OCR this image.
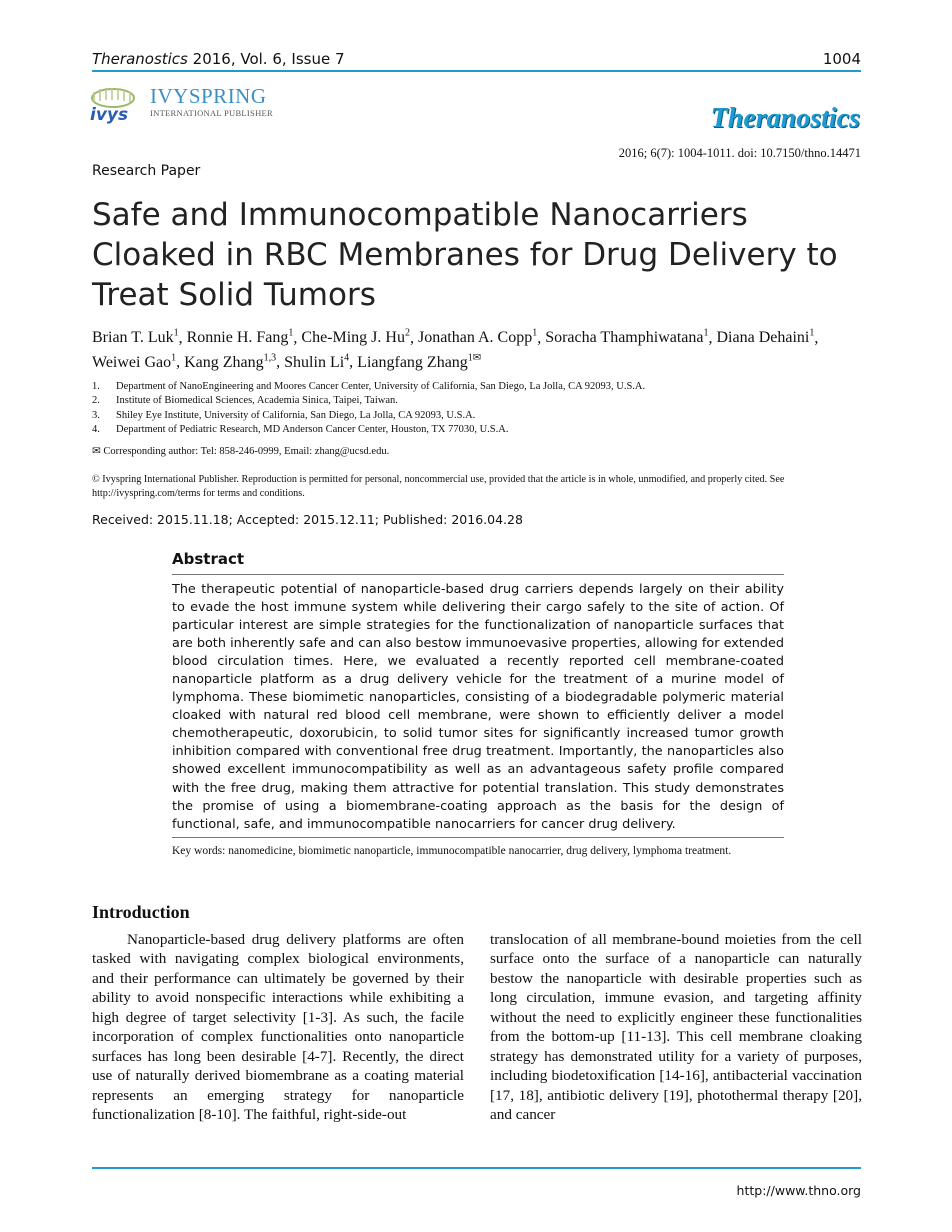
Theranostics 2016, Vol. 6, Issue 7	1004
ivys
IVYSPRING
INTERNATIONAL PUBLISHER	Theranostics
2016; 6(7): 1004-1011. doi: 10.7150/thno.14471
Research Paper
Safe and Immunocompatible Nanocarriers Cloaked in RBC Membranes for Drug Delivery to Treat Solid Tumors
Brian T. Luk$^1$, Ronnie H. Fang$^1$, Che-Ming J. Hu$^2$, Jonathan A. Copp$^1$, Soracha Thamphiwatana$^1$, Diana Dehaini$^1$, Weiwei Gao$^1$, Kang Zhang$^{1,3}$, Shulin Li$^4$, Liangfang Zhang$^{1✉}$
1.	Department of NanoEngineering and Moores Cancer Center, University of California, San Diego, La Jolla, CA 92093, U.S.A.
2.	Institute of Biomedical Sciences, Academia Sinica, Taipei, Taiwan.
3.	Shiley Eye Institute, University of California, San Diego, La Jolla, CA 92093, U.S.A.
4.	Department of Pediatric Research, MD Anderson Cancer Center, Houston, TX 77030, U.S.A.
✉ Corresponding author: Tel: 858-246-0999, Email: zhang@ucsd.edu.
© Ivyspring International Publisher. Reproduction is permitted for personal, noncommercial use, provided that the article is in whole, unmodified, and properly cited. See http://ivyspring.com/terms for terms and conditions.
Received: 2015.11.18; Accepted: 2015.12.11; Published: 2016.04.28
Abstract

The therapeutic potential of nanoparticle-based drug carriers depends largely on their ability to evade the host immune system while delivering their cargo safely to the site of action. Of particular interest are simple strategies for the functionalization of nanoparticle surfaces that are both inherently safe and can also bestow immunoevasive properties, allowing for extended blood circulation times. Here, we evaluated a recently reported cell membrane-coated nanoparticle platform as a drug delivery vehicle for the treatment of a murine model of lymphoma. These biomimetic nanoparticles, consisting of a biodegradable polymeric material cloaked with natural red blood cell membrane, were shown to efficiently deliver a model chemotherapeutic, doxorubicin, to solid tumor sites for significantly increased tumor growth inhibition compared with conventional free drug treatment. Importantly, the nanoparticles also showed excellent immunocompatibility as well as an advantageous safety profile compared with the free drug, making them attractive for potential translation. This study demonstrates the promise of using a biomembrane-coating approach as the basis for the design of functional, safe, and immunocompatible nanocarriers for cancer drug delivery.

Key words: nanomedicine, biomimetic nanoparticle, immunocompatible nanocarrier, drug delivery, lymphoma treatment.
Introduction

Nanoparticle-based drug delivery platforms are often tasked with navigating complex biological environments, and their performance can ultimately be governed by their ability to avoid nonspecific interactions while exhibiting a high degree of target selectivity [1-3]. As such, the facile incorporation of complex functionalities onto nanoparticle surfaces has long been desirable [4-7]. Recently, the direct use of naturally derived biomembrane as a coating material represents an emerging strategy for nanoparticle functionalization [8-10]. The faithful, right-side-out

translocation of all membrane-bound moieties from the cell surface onto the surface of a nanoparticle can naturally bestow the nanoparticle with desirable properties such as long circulation, immune evasion, and targeting affinity without the need to explicitly engineer these functionalities from the bottom-up [11-13]. This cell membrane cloaking strategy has demonstrated utility for a variety of purposes, including biodetoxification [14-16], antibacterial vaccination [17, 18], antibiotic delivery [19], photothermal therapy [20], and cancer

http://www.thno.org
